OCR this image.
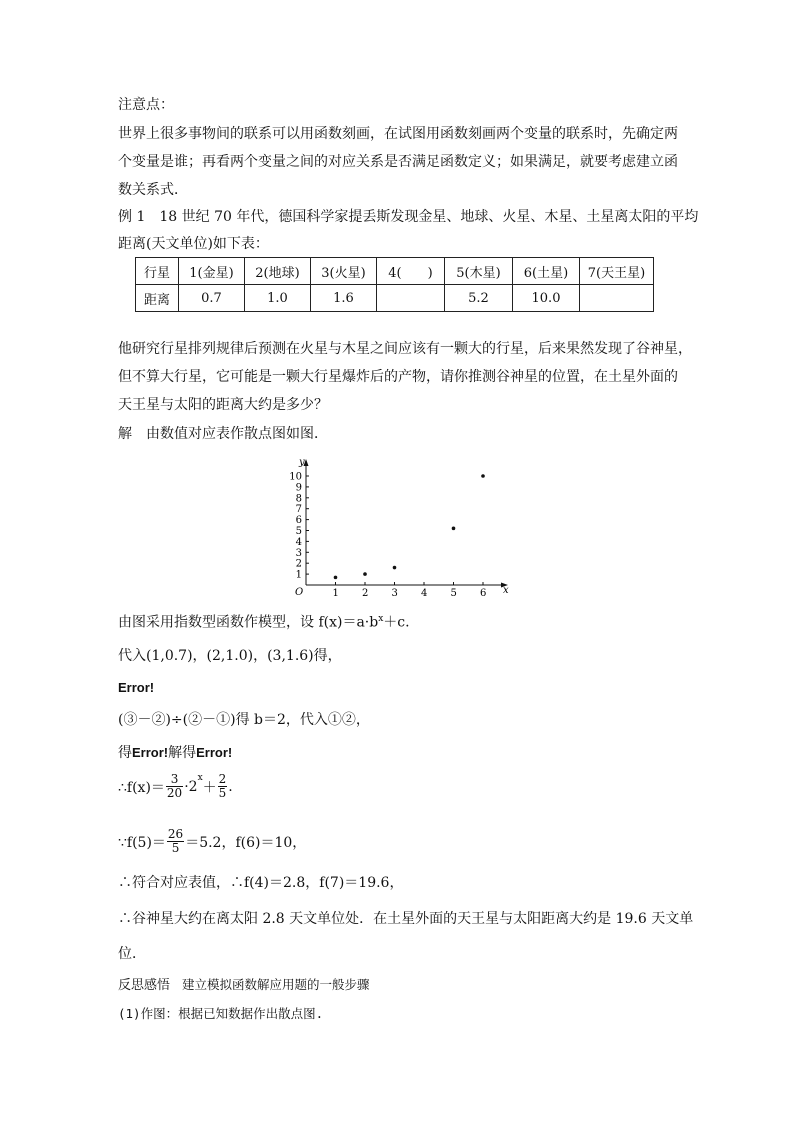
注意点：
世界上很多事物间的联系可以用函数刻画，在试图用函数刻画两个变量的联系时，先确定两
个变量是谁；再看两个变量之间的对应关系是否满足函数定义；如果满足，就要考虑建立函
数关系式．
例 1　18 世纪 70 年代，德国科学家提丢斯发现金星、地球、火星、木星、土星离太阳的平均
距离(天文单位)如下表：
行星	1(金星)	2(地球)	3(火星)	4(　　)	5(木星)	6(土星)	7(天王星)
距离	0.7	1.0	1.6		5.2	10.0	
他研究行星排列规律后预测在火星与木星之间应该有一颗大的行星，后来果然发现了谷神星，
但不算大行星，它可能是一颗大行星爆炸后的产物，请你推测谷神星的位置，在土星外面的
天王星与太阳的距离大约是多少？
解　由数值对应表作散点图如图．
1 2 3 4 5 6
1
2
3
4
5
6
7
8
9
10
x
y
O
由图采用指数型函数作模型，设 $f(x)=a\cdot b^x+c$.
代入(1,0.7)，(2,1.0)，(3,1.6)得，
Error!
(③－②)÷(②－①)得 b＝2，代入①②，
得Error!解得Error!
∴f(x)＝ $\frac{3}{20} \cdot 2$
$^x$
＋ $\frac{2}{5}$ .
∵f(5)＝ $\frac{26}{5} =5.2$，f(6)＝10，
∴符合对应表值，∴f(4)＝2.8，f(7)＝19.6，
∴谷神星大约在离太阳 2.8 天文单位处．在土星外面的天王星与太阳距离大约是 19.6 天文单
位．
反思感悟 建立模拟函数解应用题的一般步骤
(1)作图：根据已知数据作出散点图.
